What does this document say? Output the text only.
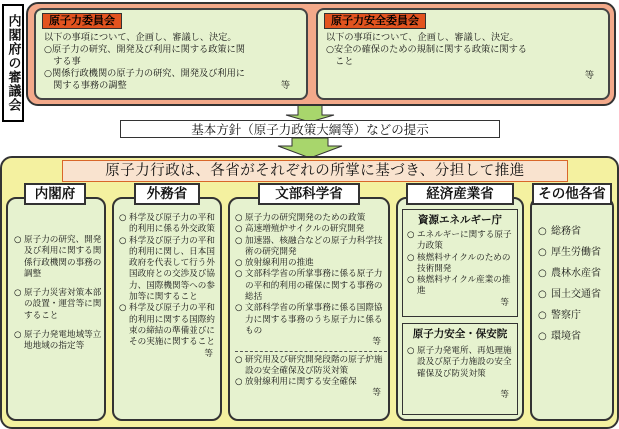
内閣府の審議会	原子力委員会
以下の事項について、企画し、審議し、決定。
○原子力の研究、開発及び利用に関する政策に関
　する事
○関係行政機関の原子力の研究、開発及び利用に
　関する事務の調整	等
原子力安全委員会
以下の事項について、企画し、審議し、決定。
○安全の確保のための規制に関する政策に関する
　こと
等
基本方針（原子力政策大綱等）などの提示
原子力行政は、各省がそれぞれの所掌に基づき、分担して推進
○ 原子力の研究、開発及び利用に関する関係行政機関の事務の調整
○ 原子力災害対策本部の設置・運営等に関すること
○ 原子力発電地域等立地地域の指定等
内閣府
○ 科学及び原子力の平和的利用に係る外交政策
○ 科学及び原子力の平和的利用に関し、日本国政府を代表して行う外国政府との交渉及び協力、国際機関等への参加等に関すること
○ 科学及び原子力の平和的利用に関する国際約束の締結の準備並びにその実施に関すること
等
外務省
○ 原子力の研究開発のための政策
○ 高速増殖炉サイクルの研究開発
○ 加速器、核融合などの原子力科学技術の研究開発
○ 放射線利用の推進
○ 文部科学省の所掌事務に係る原子力の平和的利用の確保に関する事務の総括
○ 文部科学省の所掌事務に係る国際協力に関する事務のうち原子力に係るもの
等
○ 研究用及び研究開発段階の原子炉施設の安全確保及び防災対策
○ 放射線利用に関する安全確保
等
文部科学省
資源エネルギー庁
○ エネルギーに関する原子力政策
○ 核燃料サイクルのための技術開発
○ 核燃料サイクル産業の推進
等
原子力安全・保安院
○ 原子力発電所、再処理施設及び原子力施設の安全確保及び防災対策
等
経済産業省
○ 総務省
○ 厚生労働省
○ 農林水産省
○ 国土交通省
○ 警察庁
○ 環境省
その他各省
